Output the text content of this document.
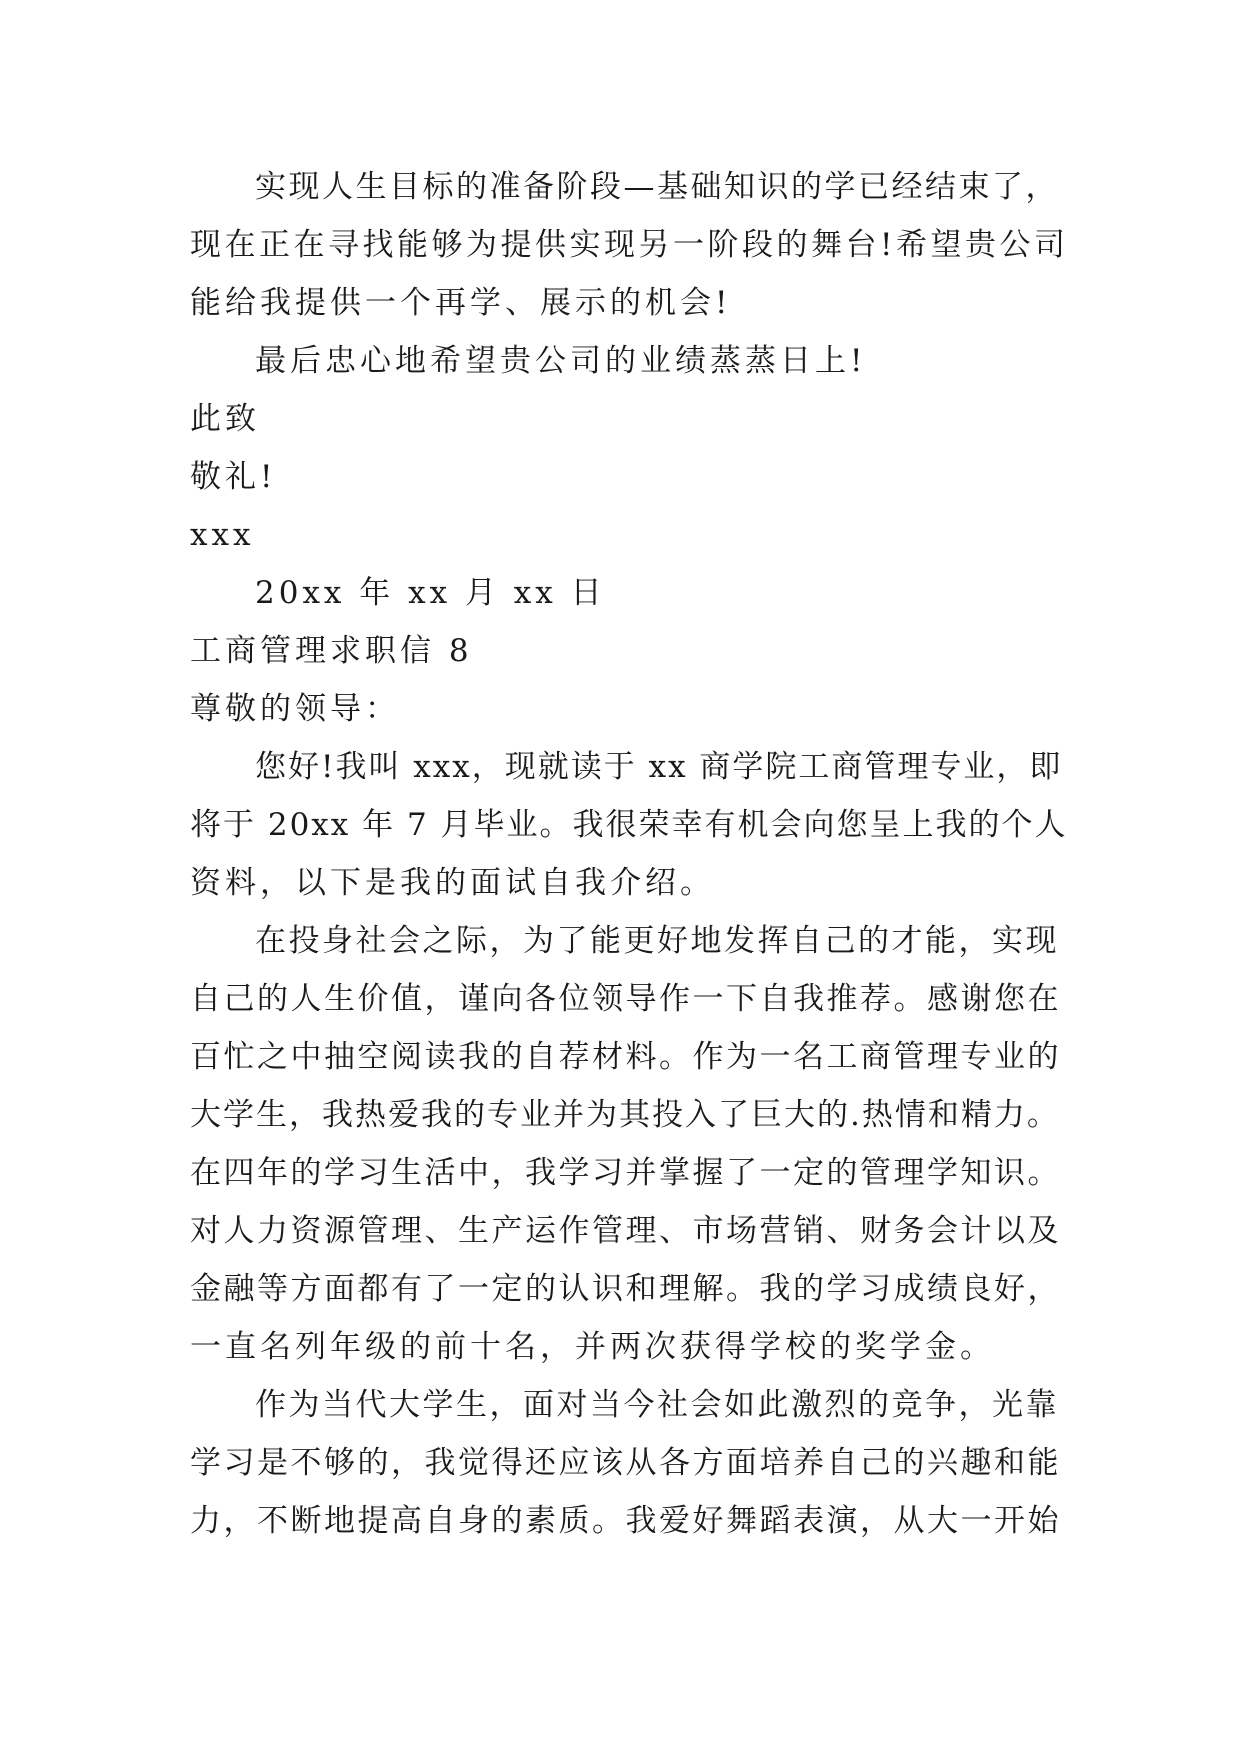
实现人生目标的准备阶段—基础知识的学已经结束了，
现在正在寻找能够为提供实现另一阶段的舞台!希望贵公司
能给我提供一个再学、展示的机会!
最后忠心地希望贵公司的业绩蒸蒸日上!
此致
敬礼!
xxx
20xx 年 xx 月 xx 日
工商管理求职信 8
尊敬的领导：
您好!我叫 xxx，现就读于 xx 商学院工商管理专业，即
将于 20xx 年 7 月毕业。我很荣幸有机会向您呈上我的个人
资料，以下是我的面试自我介绍。
在投身社会之际，为了能更好地发挥自己的才能，实现
自己的人生价值，谨向各位领导作一下自我推荐。感谢您在
百忙之中抽空阅读我的自荐材料。作为一名工商管理专业的
大学生，我热爱我的专业并为其投入了巨大的.热情和精力。
在四年的学习生活中，我学习并掌握了一定的管理学知识。
对人力资源管理、生产运作管理、市场营销、财务会计以及
金融等方面都有了一定的认识和理解。我的学习成绩良好，
一直名列年级的前十名，并两次获得学校的奖学金。
作为当代大学生，面对当今社会如此激烈的竞争，光靠
学习是不够的，我觉得还应该从各方面培养自己的兴趣和能
力，不断地提高自身的素质。我爱好舞蹈表演，从大一开始
